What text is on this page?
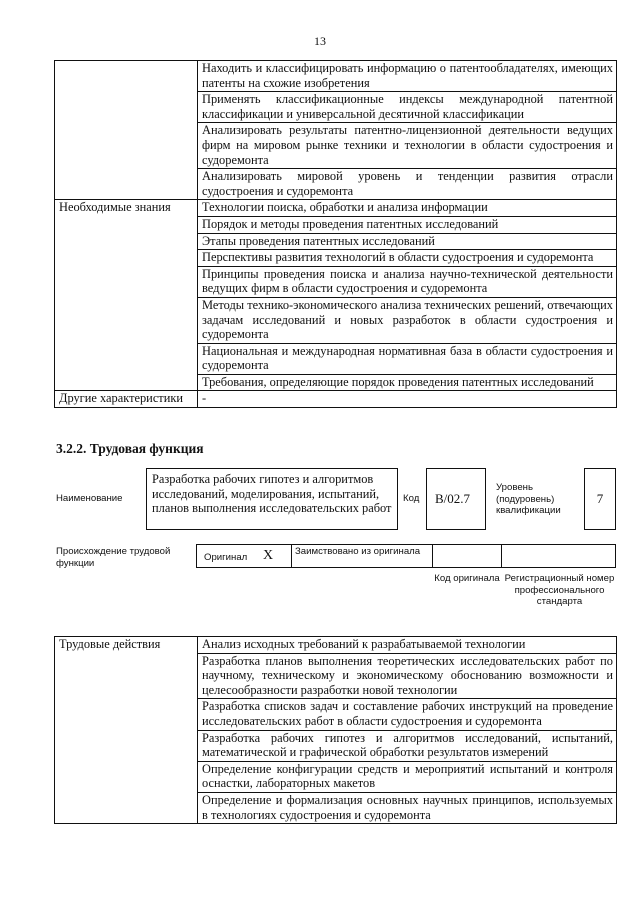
13
	Находить и классифицировать информацию о патентообладателях, имеющих патенты на схожие изобретения
	Применять классификационные индексы международной патентной классификации и универсальной десятичной классификации
	Анализировать результаты патентно-лицензионной деятельности ведущих фирм на мировом рынке техники и технологии в области судостроения и судоремонта
	Анализировать мировой уровень и тенденции развития отрасли судостроения и судоремонта
Необходимые знания	Технологии поиска, обработки и анализа информации
	Порядок и методы проведения патентных исследований
	Этапы проведения патентных исследований
	Перспективы развития технологий в области судостроения и судоремонта
	Принципы проведения поиска и анализа научно-технической деятельности ведущих фирм в области судостроения и судоремонта
	Методы технико-экономического анализа технических решений, отвечающих задачам исследований и новых разработок в области судостроения и судоремонта
	Национальная и международная нормативная база в области судостроения и судоремонта
	Требования, определяющие порядок проведения патентных исследований
Другие характеристики	-
3.2.2. Трудовая функция
Наименование
Разработка рабочих гипотез и алгоритмов исследований, моделирования, испытаний, планов выполнения исследовательских работ
Код	В/02.7
Уровень (подуровень) квалификации
7
Происхождение трудовой функции	Оригинал Х	Заимствовано из оригинала
Код оригинала Регистрационный номер профессионального стандарта
Трудовые действия	Анализ исходных требований к разрабатываемой технологии
Разработка планов выполнения теоретических исследовательских работ по научному, техническому и экономическому обоснованию возможности и целесообразности разработки новой технологии
Разработка списков задач и составление рабочих инструкций на проведение исследовательских работ в области судостроения и судоремонта
Разработка рабочих гипотез и алгоритмов исследований, испытаний, математической и графической обработки результатов измерений
Определение конфигурации средств и мероприятий испытаний и контроля оснастки, лабораторных макетов
Определение и формализация основных научных принципов, используемых в технологиях судостроения и судоремонта
